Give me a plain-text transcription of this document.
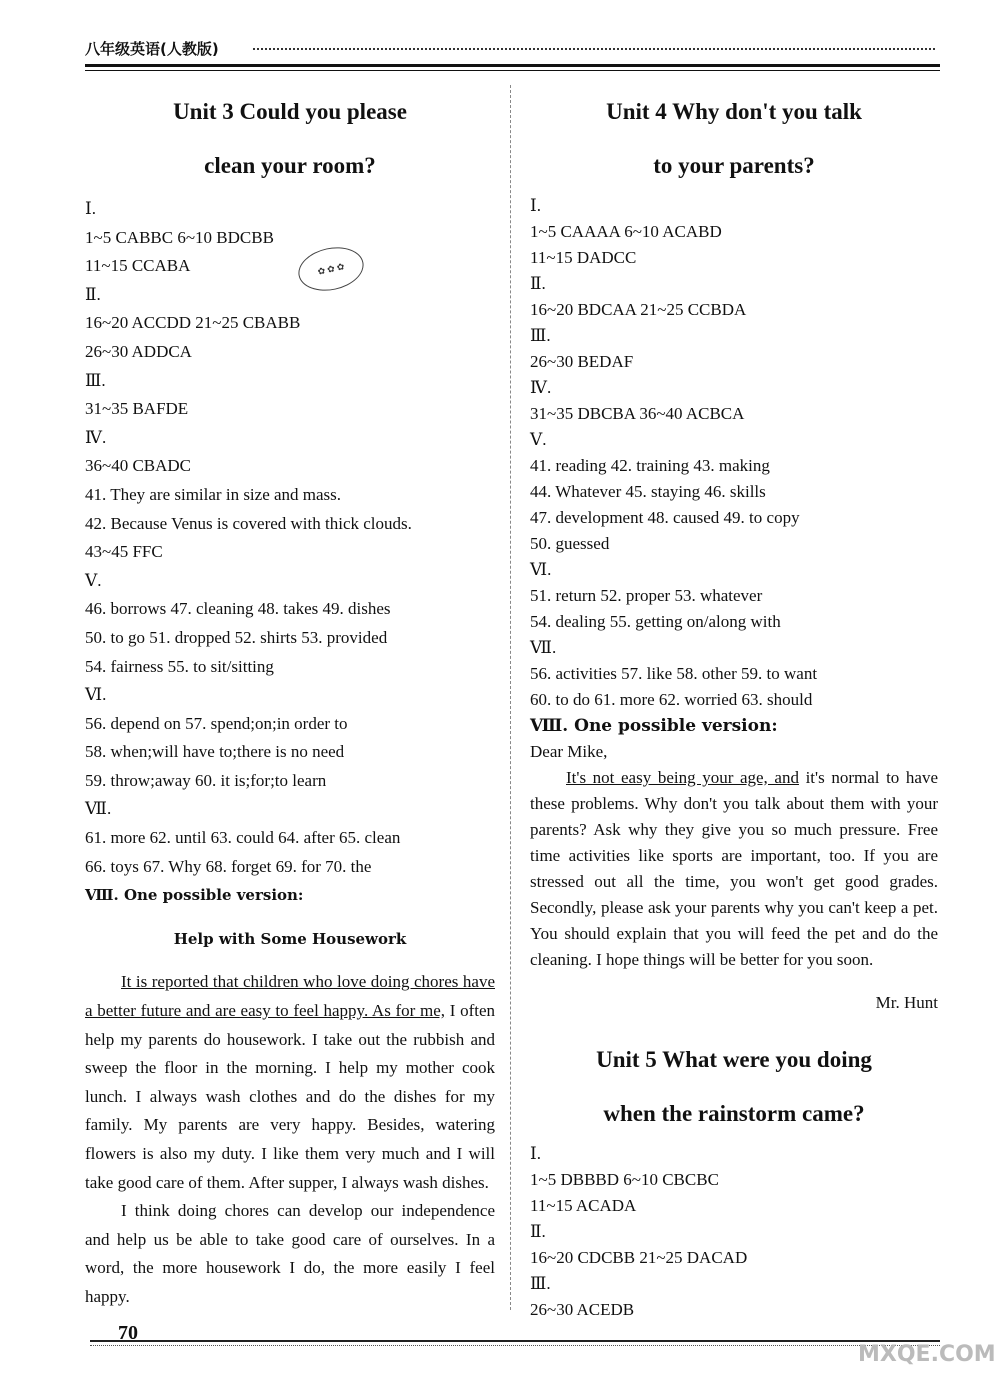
八年级英语(人教版)

Unit 3 Could you please

clean your room?

Ⅰ.

1~5 CABBC 6~10 BDCBB

11~15 CCABA

Ⅱ.

16~20 ACCDD 21~25 CBABB

26~30 ADDCA

Ⅲ.

31~35 BAFDE

Ⅳ.

36~40 CBADC

41. They are similar in size and mass.

42. Because Venus is covered with thick clouds.

43~45 FFC

Ⅴ.

46. borrows 47. cleaning 48. takes 49. dishes

50. to go 51. dropped 52. shirts 53. provided

54. fairness 55. to sit/sitting

Ⅵ.

56. depend on 57. spend;on;in order to

58. when;will have to;there is no need

59. throw;away 60. it is;for;to learn

Ⅶ.

61. more 62. until 63. could 64. after 65. clean

66. toys 67. Why 68. forget 69. for 70. the

Ⅷ. One possible version:

Help with Some Housework

It is reported that children who love doing chores have a better future and are easy to feel happy. As for me, I often help my parents do housework. I take out the rubbish and sweep the floor in the morning. I help my mother cook lunch. I always wash clothes and do the dishes for my family. My parents are very happy. Besides, watering flowers is also my duty. I like them very much and I will take good care of them. After supper, I always wash dishes.

I think doing chores can develop our independence and help us be able to take good care of ourselves. In a word, the more housework I do, the more easily I feel happy.

✿ ✿ ✿

Unit 4 Why don't you talk

to your parents?

Ⅰ.

1~5 CAAAA 6~10 ACABD

11~15 DADCC

Ⅱ.

16~20 BDCAA 21~25 CCBDA

Ⅲ.

26~30 BEDAF

Ⅳ.

31~35 DBCBA 36~40 ACBCA

Ⅴ.

41. reading 42. training 43. making

44. Whatever 45. staying 46. skills

47. development 48. caused 49. to copy

50. guessed

Ⅵ.

51. return 52. proper 53. whatever

54. dealing 55. getting on/along with

Ⅶ.

56. activities 57. like 58. other 59. to want

60. to do 61. more 62. worried 63. should

Ⅷ. One possible version:

Dear Mike,

It's not easy being your age, and it's normal to have these problems. Why don't you talk about them with your parents? Ask why they give you so much pressure. Free time activities like sports are important, too. If you are stressed out all the time, you won't get good grades. Secondly, please ask your parents why you can't keep a pet. You should explain that you will feed the pet and do the cleaning. I hope things will be better for you soon.

Mr. Hunt

Unit 5 What were you doing

when the rainstorm came?

Ⅰ.

1~5 DBBBD 6~10 CBCBC

11~15 ACADA

Ⅱ.

16~20 CDCBB 21~25 DACAD

Ⅲ.

26~30 ACEDB

70
MXQE.COM
